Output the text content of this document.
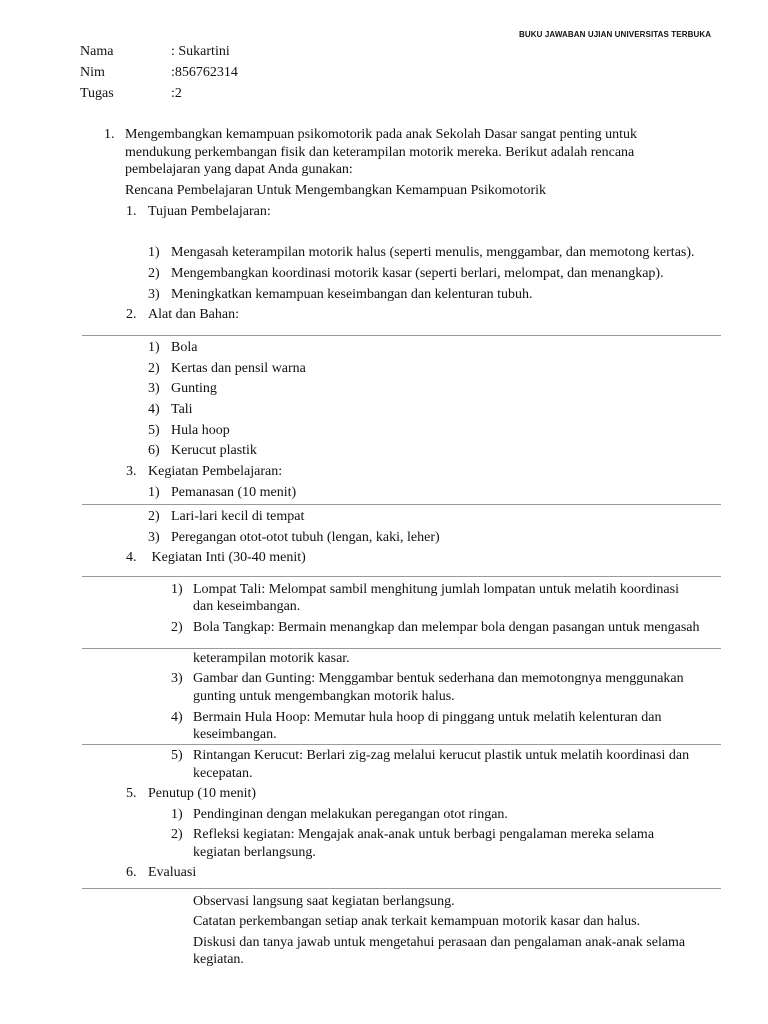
BUKU JAWABAN UJIAN UNIVERSITAS TERBUKA
Nama	: Sukartini
Nim	:856762314
Tugas	:2
1. Mengembangkan kemampuan psikomotorik pada anak Sekolah Dasar sangat penting untuk
mendukung perkembangan fisik dan keterampilan motorik mereka. Berikut adalah rencana
pembelajaran yang dapat Anda gunakan:
Rencana Pembelajaran Untuk Mengembangkan Kemampuan Psikomotorik
1. Tujuan Pembelajaran:
1) Mengasah keterampilan motorik halus (seperti menulis, menggambar, dan memotong kertas).
2) Mengembangkan koordinasi motorik kasar (seperti berlari, melompat, dan menangkap).
3) Meningkatkan kemampuan keseimbangan dan kelenturan tubuh.
2. Alat dan Bahan:
1) Bola
2) Kertas dan pensil warna
3) Gunting
4) Tali
5) Hula hoop
6) Kerucut plastik
3. Kegiatan Pembelajaran:
1) Pemanasan (10 menit)
2) Lari-lari kecil di tempat
3) Peregangan otot-otot tubuh (lengan, kaki, leher)
4. Kegiatan Inti (30-40 menit)
1) Lompat Tali: Melompat sambil menghitung jumlah lompatan untuk melatih koordinasi
dan keseimbangan.
2) Bola Tangkap: Bermain menangkap dan melempar bola dengan pasangan untuk mengasah
keterampilan motorik kasar.
3) Gambar dan Gunting: Menggambar bentuk sederhana dan memotongnya menggunakan
gunting untuk mengembangkan motorik halus.
4) Bermain Hula Hoop: Memutar hula hoop di pinggang untuk melatih kelenturan dan
keseimbangan.
5) Rintangan Kerucut: Berlari zig-zag melalui kerucut plastik untuk melatih koordinasi dan
kecepatan.
5. Penutup (10 menit)
1) Pendinginan dengan melakukan peregangan otot ringan.
2) Refleksi kegiatan: Mengajak anak-anak untuk berbagi pengalaman mereka selama
kegiatan berlangsung.
6. Evaluasi
Observasi langsung saat kegiatan berlangsung.
Catatan perkembangan setiap anak terkait kemampuan motorik kasar dan halus.
Diskusi dan tanya jawab untuk mengetahui perasaan dan pengalaman anak-anak selama
kegiatan.
